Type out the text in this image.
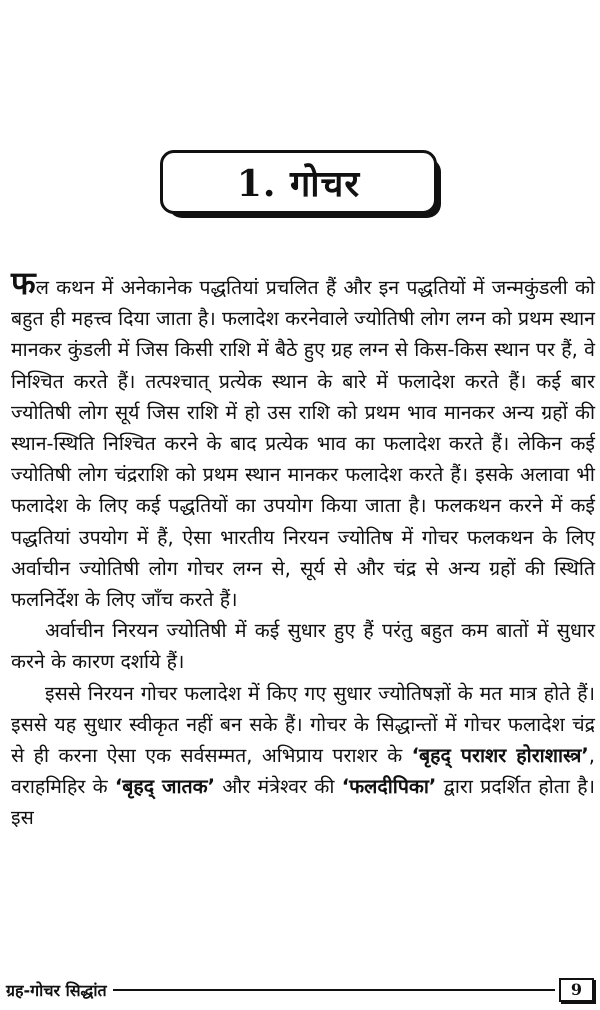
1. गोचर

फल कथन में अनेकानेक पद्धतियां प्रचलित हैं और इन पद्धतियों में जन्मकुंडली को बहुत ही महत्त्व दिया जाता है। फलादेश करनेवाले ज्योतिषी लोग लग्न को प्रथम स्थान मानकर कुंडली में जिस किसी राशि में बैठे हुए ग्रह लग्न से किस-किस स्थान पर हैं, वे निश्चित करते हैं। तत्पश्चात् प्रत्येक स्थान के बारे में फलादेश करते हैं। कई बार ज्योतिषी लोग सूर्य जिस राशि में हो उस राशि को प्रथम भाव मानकर अन्य ग्रहों की स्थान-स्थिति निश्चित करने के बाद प्रत्येक भाव का फलादेश करते हैं। लेकिन कई ज्योतिषी लोग चंद्रराशि को प्रथम स्थान मानकर फलादेश करते हैं। इसके अलावा भी फलादेश के लिए कई पद्धतियों का उपयोग किया जाता है। फलकथन करने में कई पद्धतियां उपयोग में हैं, ऐसा भारतीय निरयन ज्योतिष में गोचर फलकथन के लिए अर्वाचीन ज्योतिषी लोग गोचर लग्न से, सूर्य से और चंद्र से अन्य ग्रहों की स्थिति फलनिर्देश के लिए जाँच करते हैं।

अर्वाचीन निरयन ज्योतिषी में कई सुधार हुए हैं परंतु बहुत कम बातों में सुधार करने के कारण दर्शाये हैं।

इससे निरयन गोचर फलादेश में किए गए सुधार ज्योतिषज्ञों के मत मात्र होते हैं। इससे यह सुधार स्वीकृत नहीं बन सके हैं। गोचर के सिद्धान्तों में गोचर फलादेश चंद्र से ही करना ऐसा एक सर्वसम्मत, अभिप्राय पराशर के ‘बृहद् पराशर होराशास्त्र’, वराहमिहिर के ‘बृहद् जातक’ और मंत्रेश्वर की ‘फलदीपिका’ द्वारा प्रदर्शित होता है। इस

ग्रह-गोचर सिद्धांत	9
